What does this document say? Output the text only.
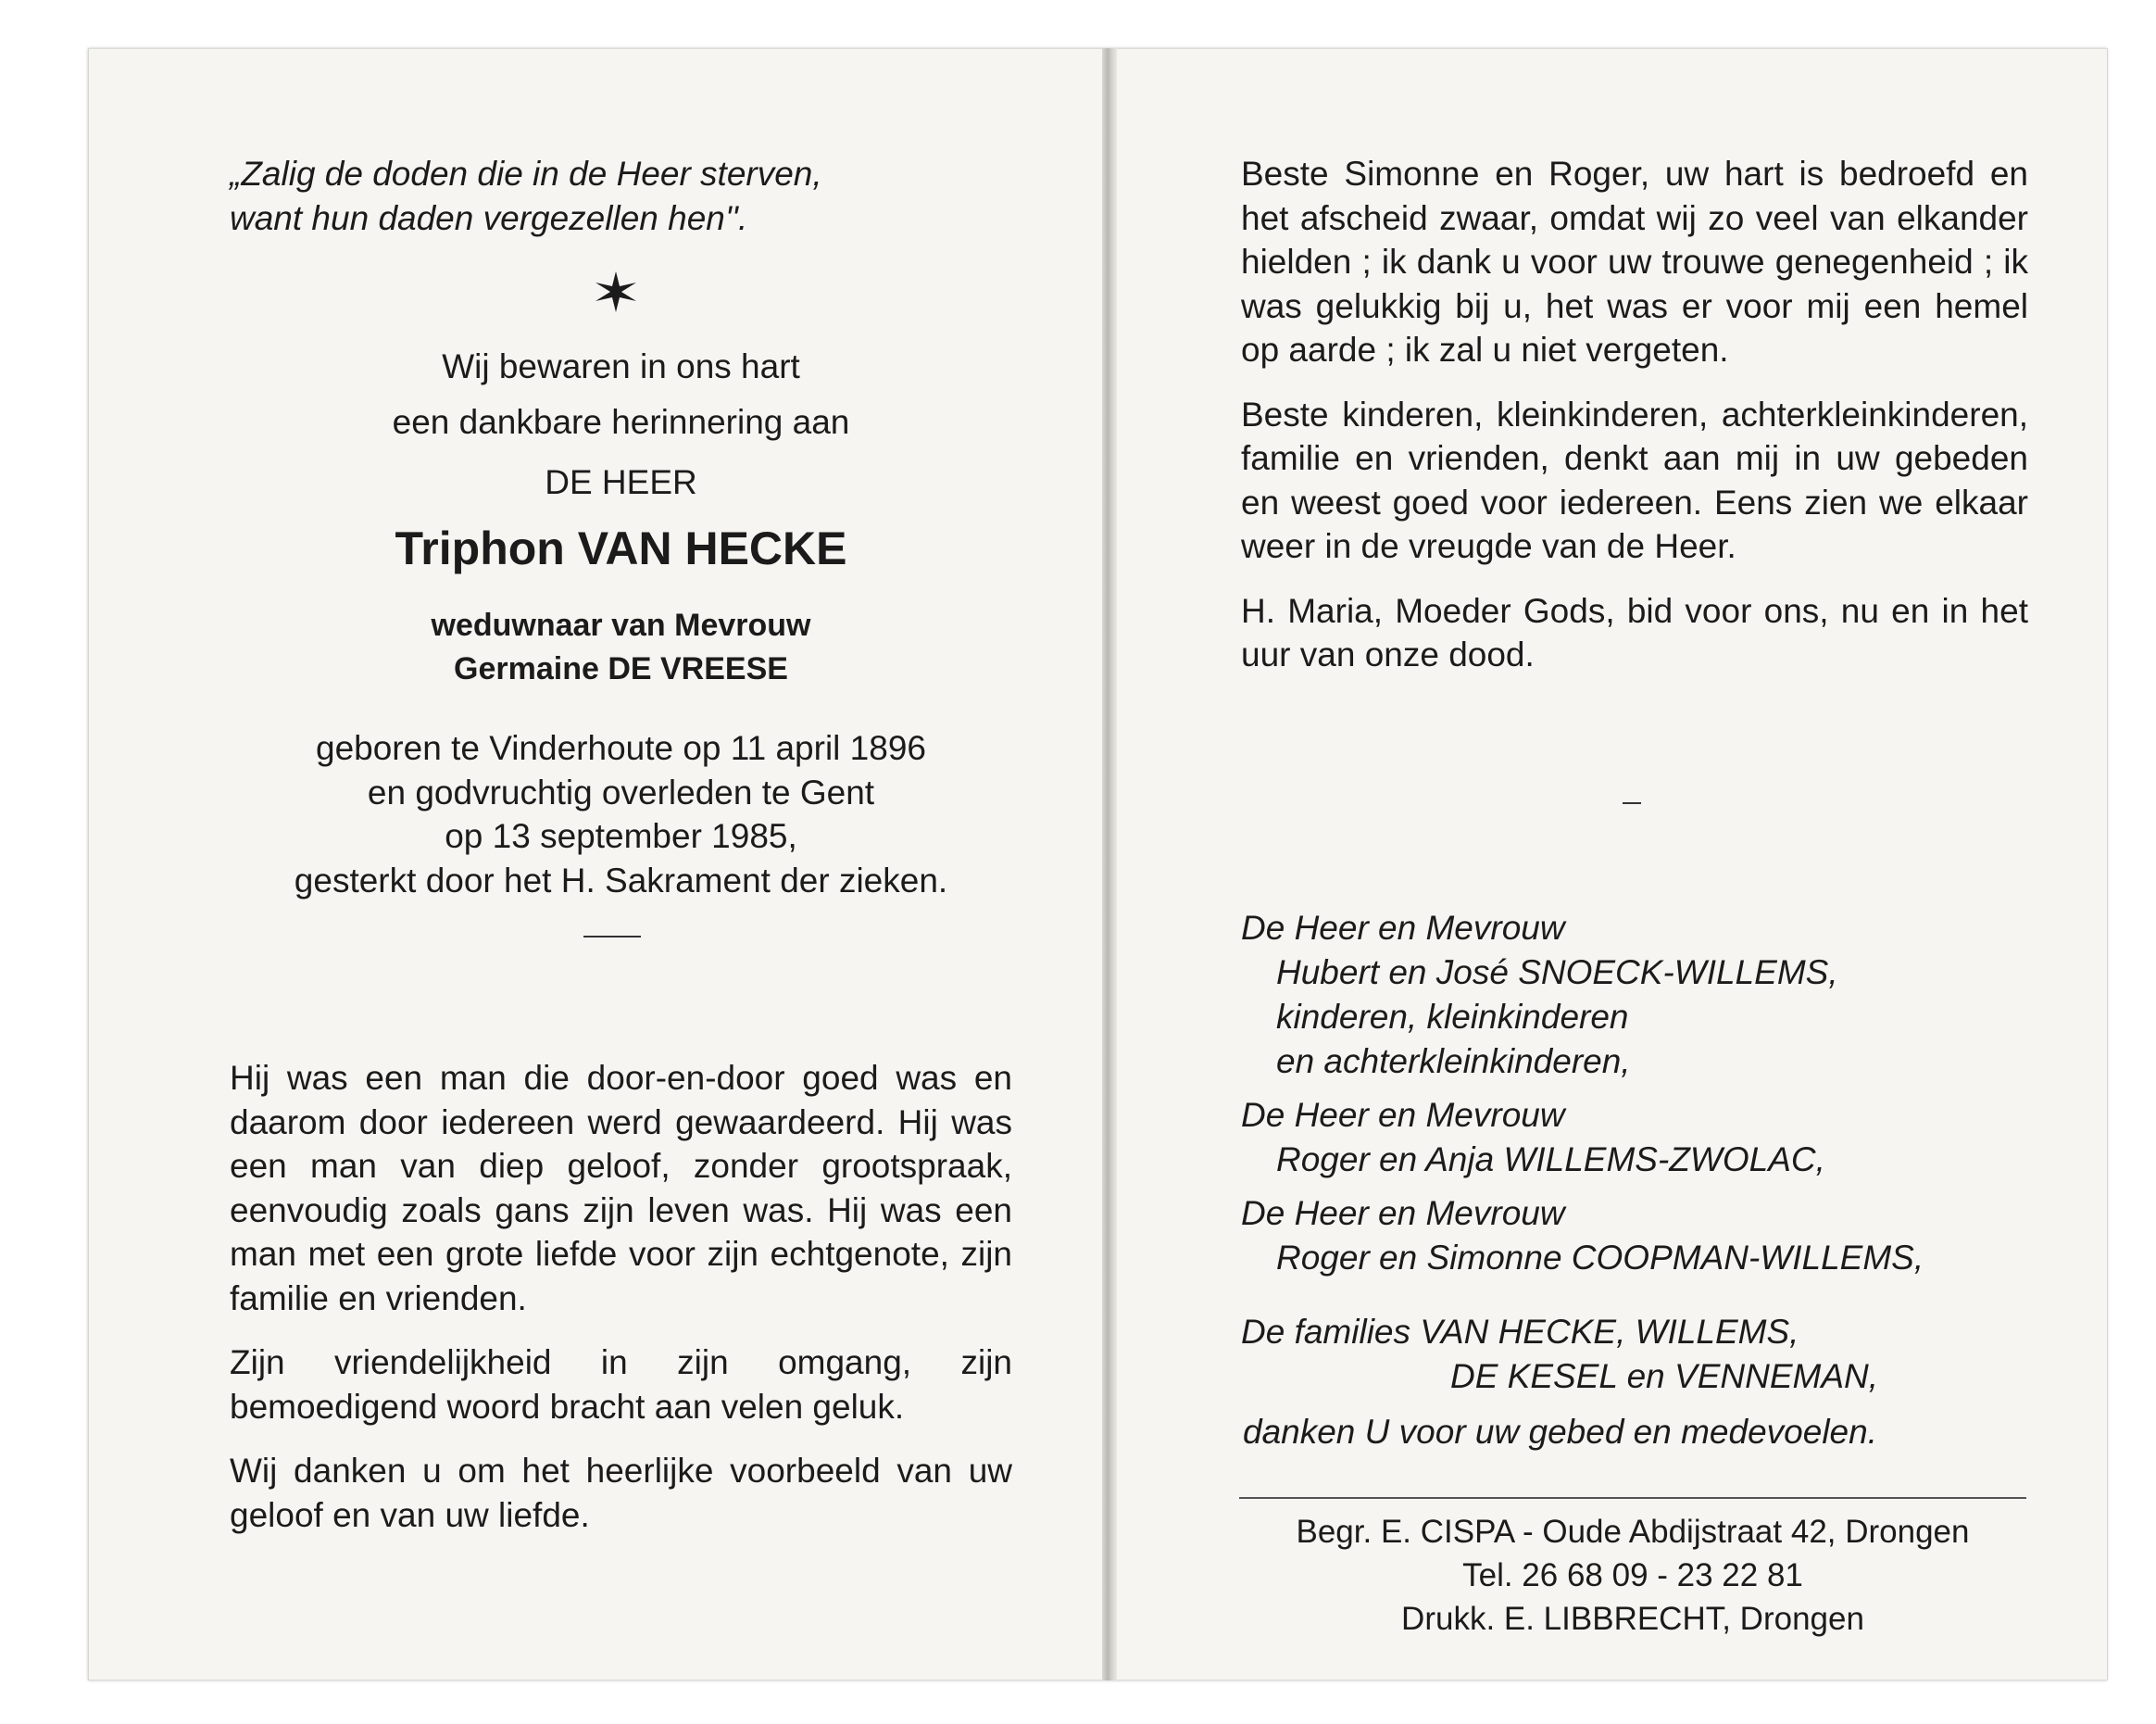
„Zalig de doden die in de Heer sterven,
want hun daden vergezellen hen''.
Wij bewaren in ons hart
een dankbare herinnering aan
DE HEER
Triphon VAN HECKE
weduwnaar van Mevrouw
Germaine DE VREESE
geboren te Vinderhoute op 11 april 1896
en godvruchtig overleden te Gent
op 13 september 1985,
gesterkt door het H. Sakrament der zieken.

Hij was een man die door-en-door goed was en daarom door iedereen werd gewaardeerd. Hij was een man van diep geloof, zonder grootspraak, eenvoudig zoals gans zijn leven was. Hij was een man met een grote liefde voor zijn echtgenote, zijn familie en vrienden.

Zijn vriendelijkheid in zijn omgang, zijn bemoedigend woord bracht aan velen geluk.

Wij danken u om het heerlijke voorbeeld van uw geloof en van uw liefde.

Beste Simonne en Roger, uw hart is bedroefd en het afscheid zwaar, omdat wij zo veel van elkander hielden ; ik dank u voor uw trouwe genegenheid ; ik was gelukkig bij u, het was er voor mij een hemel op aarde ; ik zal u niet vergeten.

Beste kinderen, kleinkinderen, achterkleinkinderen, familie en vrienden, denkt aan mij in uw gebeden en weest goed voor iedereen. Eens zien we elkaar weer in de vreugde van de Heer.

H. Maria, Moeder Gods, bid voor ons, nu en in het uur van onze dood.

De Heer en Mevrouw
Hubert en José SNOECK-WILLEMS,
kinderen, kleinkinderen
en achterkleinkinderen,
De Heer en Mevrouw
Roger en Anja WILLEMS-ZWOLAC,
De Heer en Mevrouw
Roger en Simonne COOPMAN-WILLEMS,
De families VAN HECKE, WILLEMS,
DE KESEL en VENNEMAN,
danken U voor uw gebed en medevoelen.
Begr. E. CISPA - Oude Abdijstraat 42, Drongen
Tel. 26 68 09 - 23 22 81
Drukk. E. LIBBRECHT, Drongen
